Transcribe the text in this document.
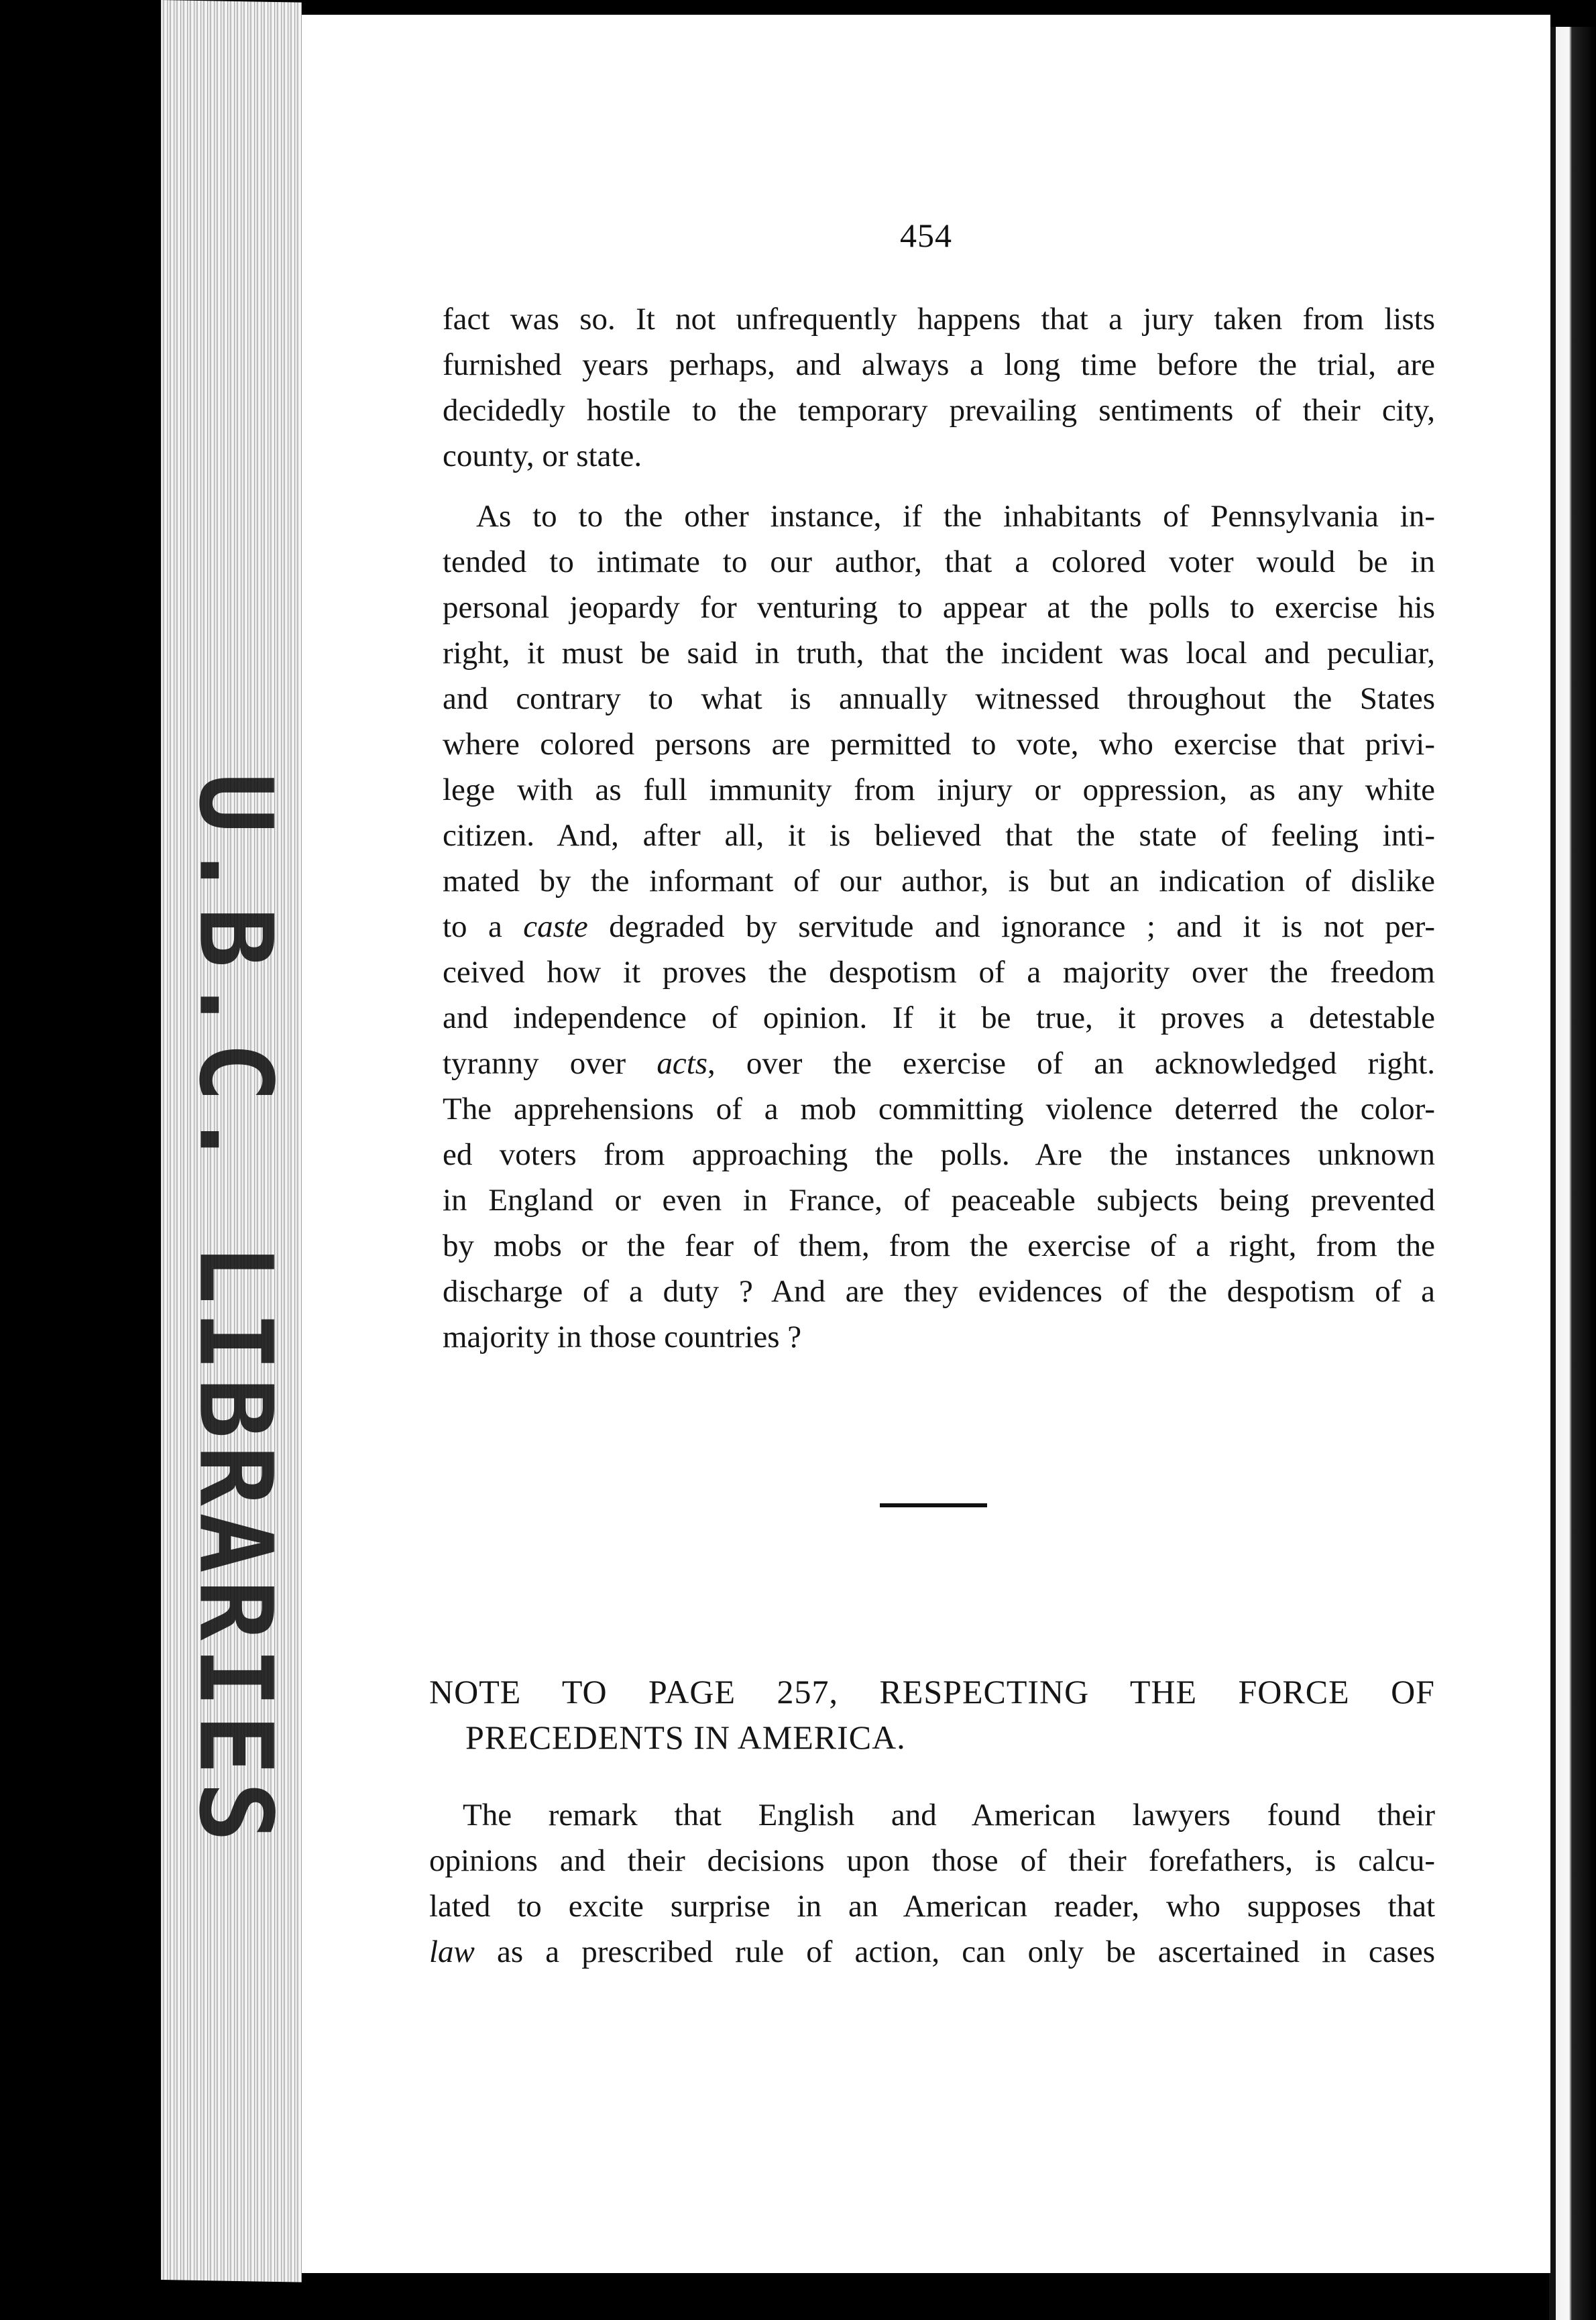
U.B.C. LIBRARIES
454
fact was so. It not unfrequently happens that a jury taken from lists
furnished years perhaps, and always a long time before the trial, are
decidedly hostile to the temporary prevailing sentiments of their city,
county, or state.
As to to the other instance, if the inhabitants of Pennsylvania in-
tended to intimate to our author, that a colored voter would be in
personal jeopardy for venturing to appear at the polls to exercise his
right, it must be said in truth, that the incident was local and peculiar,
and contrary to what is annually witnessed throughout the States
where colored persons are permitted to vote, who exercise that privi-
lege with as full immunity from injury or oppression, as any white
citizen. And, after all, it is believed that the state of feeling inti-
mated by the informant of our author, is but an indication of dislike
to a caste degraded by servitude and ignorance ; and it is not per-
ceived how it proves the despotism of a majority over the freedom
and independence of opinion. If it be true, it proves a detestable
tyranny over acts, over the exercise of an acknowledged right.
The apprehensions of a mob committing violence deterred the color-
ed voters from approaching the polls. Are the instances unknown
in England or even in France, of peaceable subjects being prevented
by mobs or the fear of them, from the exercise of a right, from the
discharge of a duty ? And are they evidences of the despotism of a
majority in those countries ?
NOTE TO PAGE 257, RESPECTING THE FORCE OF
PRECEDENTS IN AMERICA.
The remark that English and American lawyers found their
opinions and their decisions upon those of their forefathers, is calcu-
lated to excite surprise in an American reader, who supposes that
law as a prescribed rule of action, can only be ascertained in cases
